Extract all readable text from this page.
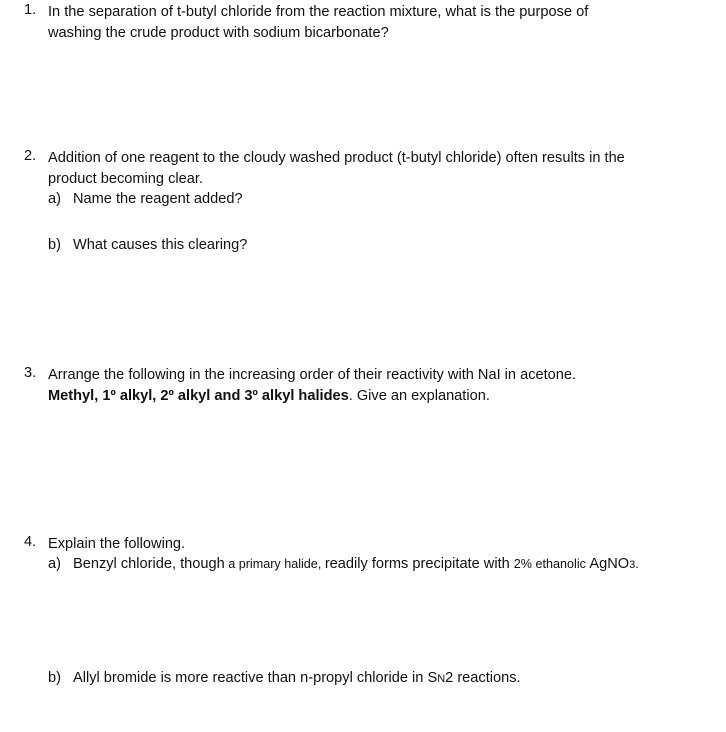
1. In the separation of t-butyl chloride from the reaction mixture, what is the purpose of
washing the crude product with sodium bicarbonate?
2. Addition of one reagent to the cloudy washed product (t-butyl chloride) often results in the
product becoming clear.
a) Name the reagent added?
b) What causes this clearing?
3. Arrange the following in the increasing order of their reactivity with NaI in acetone.
Methyl, 1º alkyl, 2º alkyl and 3º alkyl halides. Give an explanation.
4. Explain the following.
a) Benzyl chloride, though a primary halide, readily forms precipitate with 2% ethanolic AgNO3.
b) Allyl bromide is more reactive than n-propyl chloride in SN2 reactions.
